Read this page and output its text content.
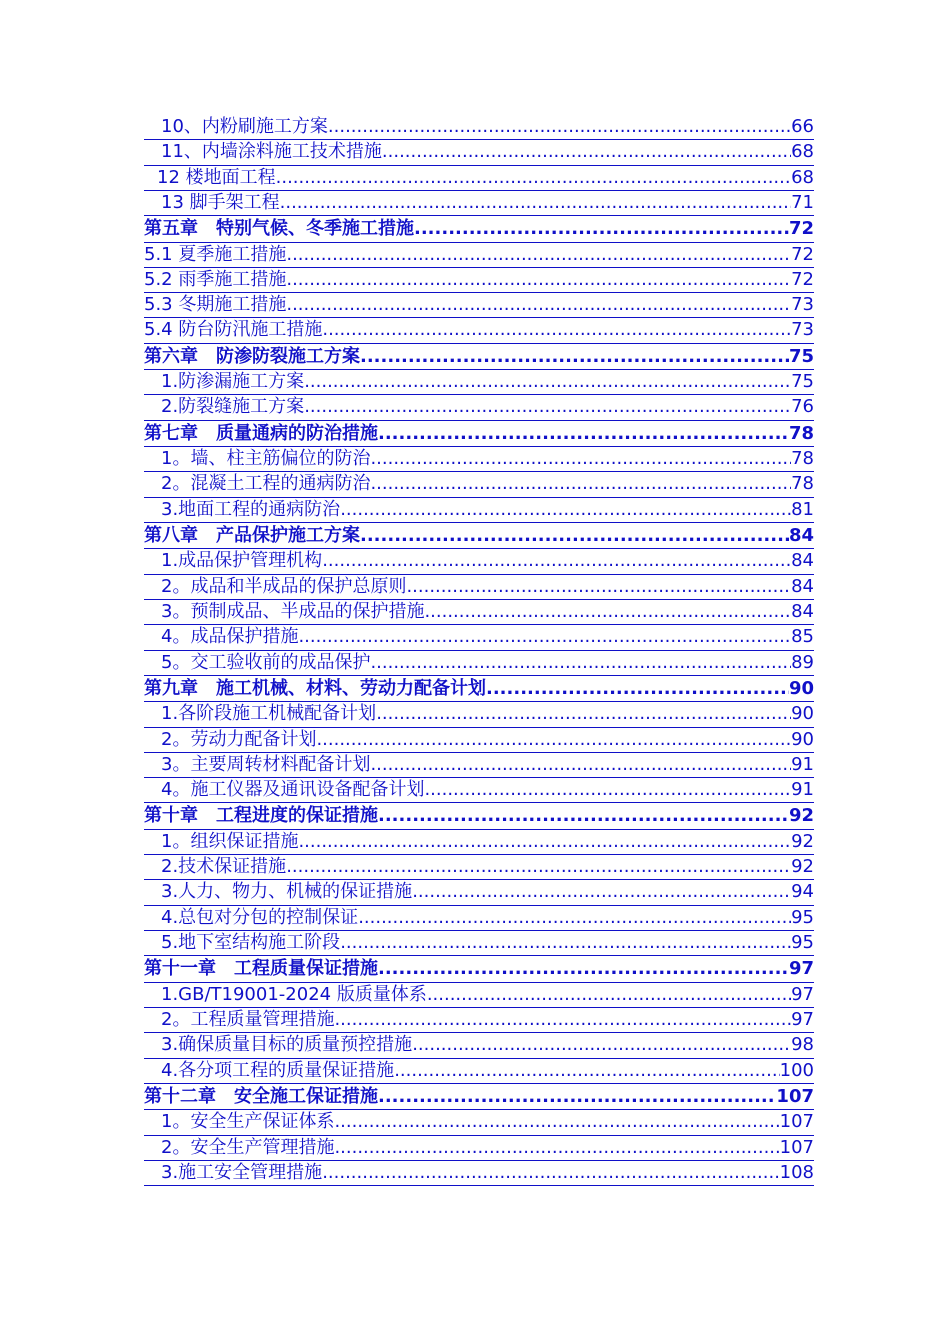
10、内粉刷施工方案 .....	66
11、内墙涂料施工技术措施 .....	68
12 楼地面工程 .....	68
13 脚手架工程 .....	71
第五章　特别气候、冬季施工措施 .....	72
5.1 夏季施工措施 .....	72
5.2 雨季施工措施 .....	72
5.3 冬期施工措施 .....	73
5.4 防台防汛施工措施 .....	73
第六章　防渗防裂施工方案 .....	75
1.防渗漏施工方案 .....	75
2.防裂缝施工方案 .....	76
第七章　质量通病的防治措施 .....	78
1。墙、柱主筋偏位的防治 .....	78
2。混凝土工程的通病防治 .....	78
3.地面工程的通病防治 .....	81
第八章　产品保护施工方案 .....	84
1.成品保护管理机构 .....	84
2。成品和半成品的保护总原则 .....	84
3。预制成品、半成品的保护措施 .....	84
4。成品保护措施 .....	85
5。交工验收前的成品保护 .....	89
第九章　施工机械、材料、劳动力配备计划 .....	90
1.各阶段施工机械配备计划 .....	90
2。劳动力配备计划 .....	90
3。主要周转材料配备计划 .....	91
4。施工仪器及通讯设备配备计划 .....	91
第十章　工程进度的保证措施 .....	92
1。组织保证措施 .....	92
2.技术保证措施 .....	92
3.人力、物力、机械的保证措施 .....	94
4.总包对分包的控制保证 .....	95
5.地下室结构施工阶段 .....	95
第十一章　工程质量保证措施 .....	97
1.GB/T19001-2024 版质量体系 .....	97
2。工程质量管理措施 .....	97
3.确保质量目标的质量预控措施 .....	98
4.各分项工程的质量保证措施 .....	100
第十二章　安全施工保证措施 .....	107
1。安全生产保证体系 .....	107
2。安全生产管理措施 .....	107
3.施工安全管理措施 .....	108
